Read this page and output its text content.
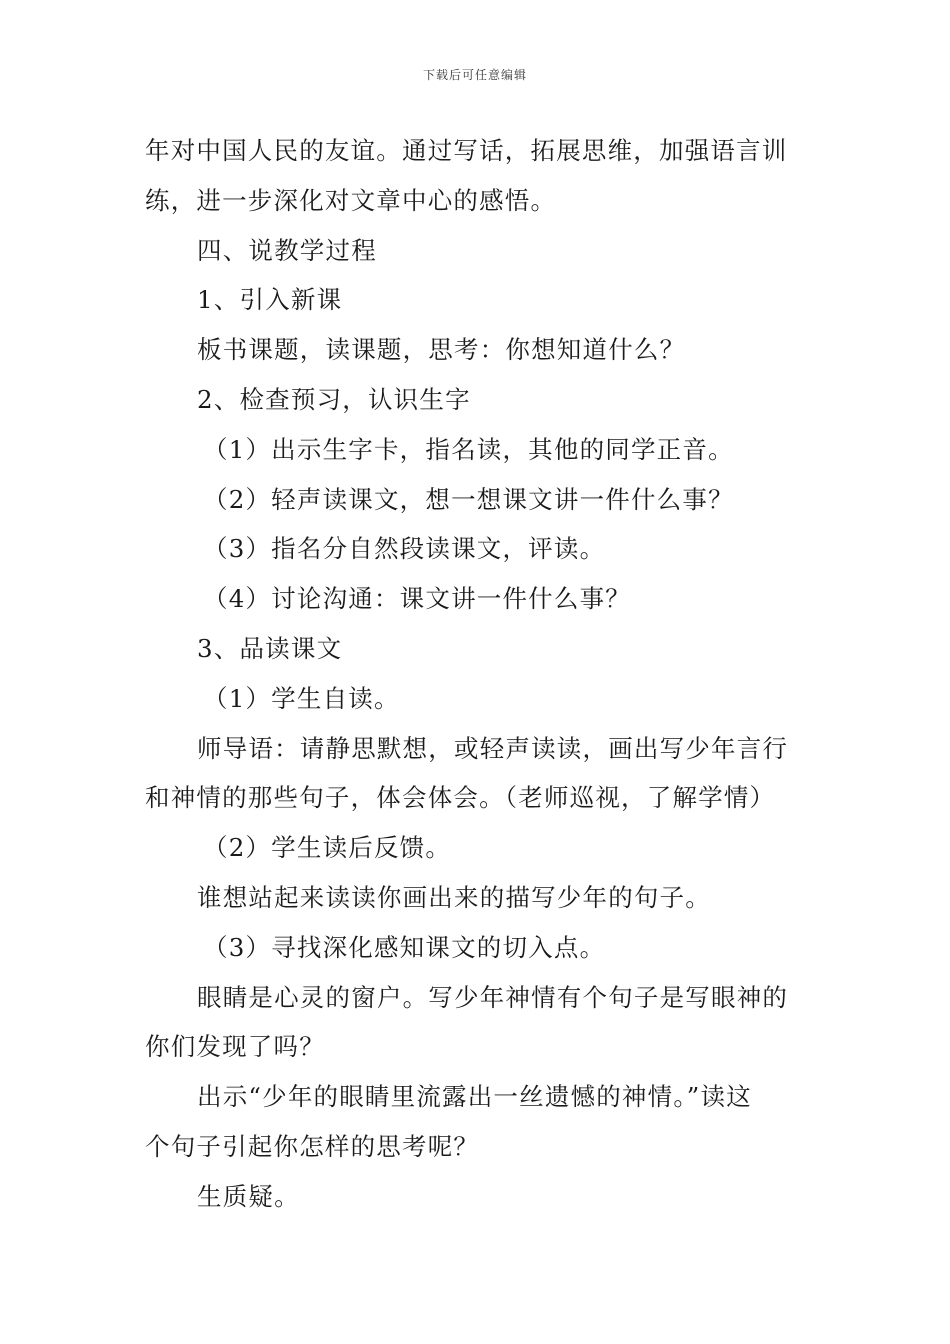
下载后可任意编辑

年对中国人民的友谊。通过写话，拓展思维，加强语言训

练，进一步深化对文章中心的感悟。

四、说教学过程

1、引入新课

板书课题，读课题，思考：你想知道什么？

2、检查预习，认识生字

（1）出示生字卡，指名读，其他的同学正音。

（2）轻声读课文，想一想课文讲一件什么事？

（3）指名分自然段读课文，评读。

（4）讨论沟通：课文讲一件什么事？

3、品读课文

（1）学生自读。

师导语：请静思默想，或轻声读读，画出写少年言行

和神情的那些句子，体会体会。（老师巡视，了解学情）

（2）学生读后反馈。

谁想站起来读读你画出来的描写少年的句子。

（3）寻找深化感知课文的切入点。

眼睛是心灵的窗户。写少年神情有个句子是写眼神的

你们发现了吗？

出示“少年的眼睛里流露出一丝遗憾的神情。”读这

个句子引起你怎样的思考呢？

生质疑。
